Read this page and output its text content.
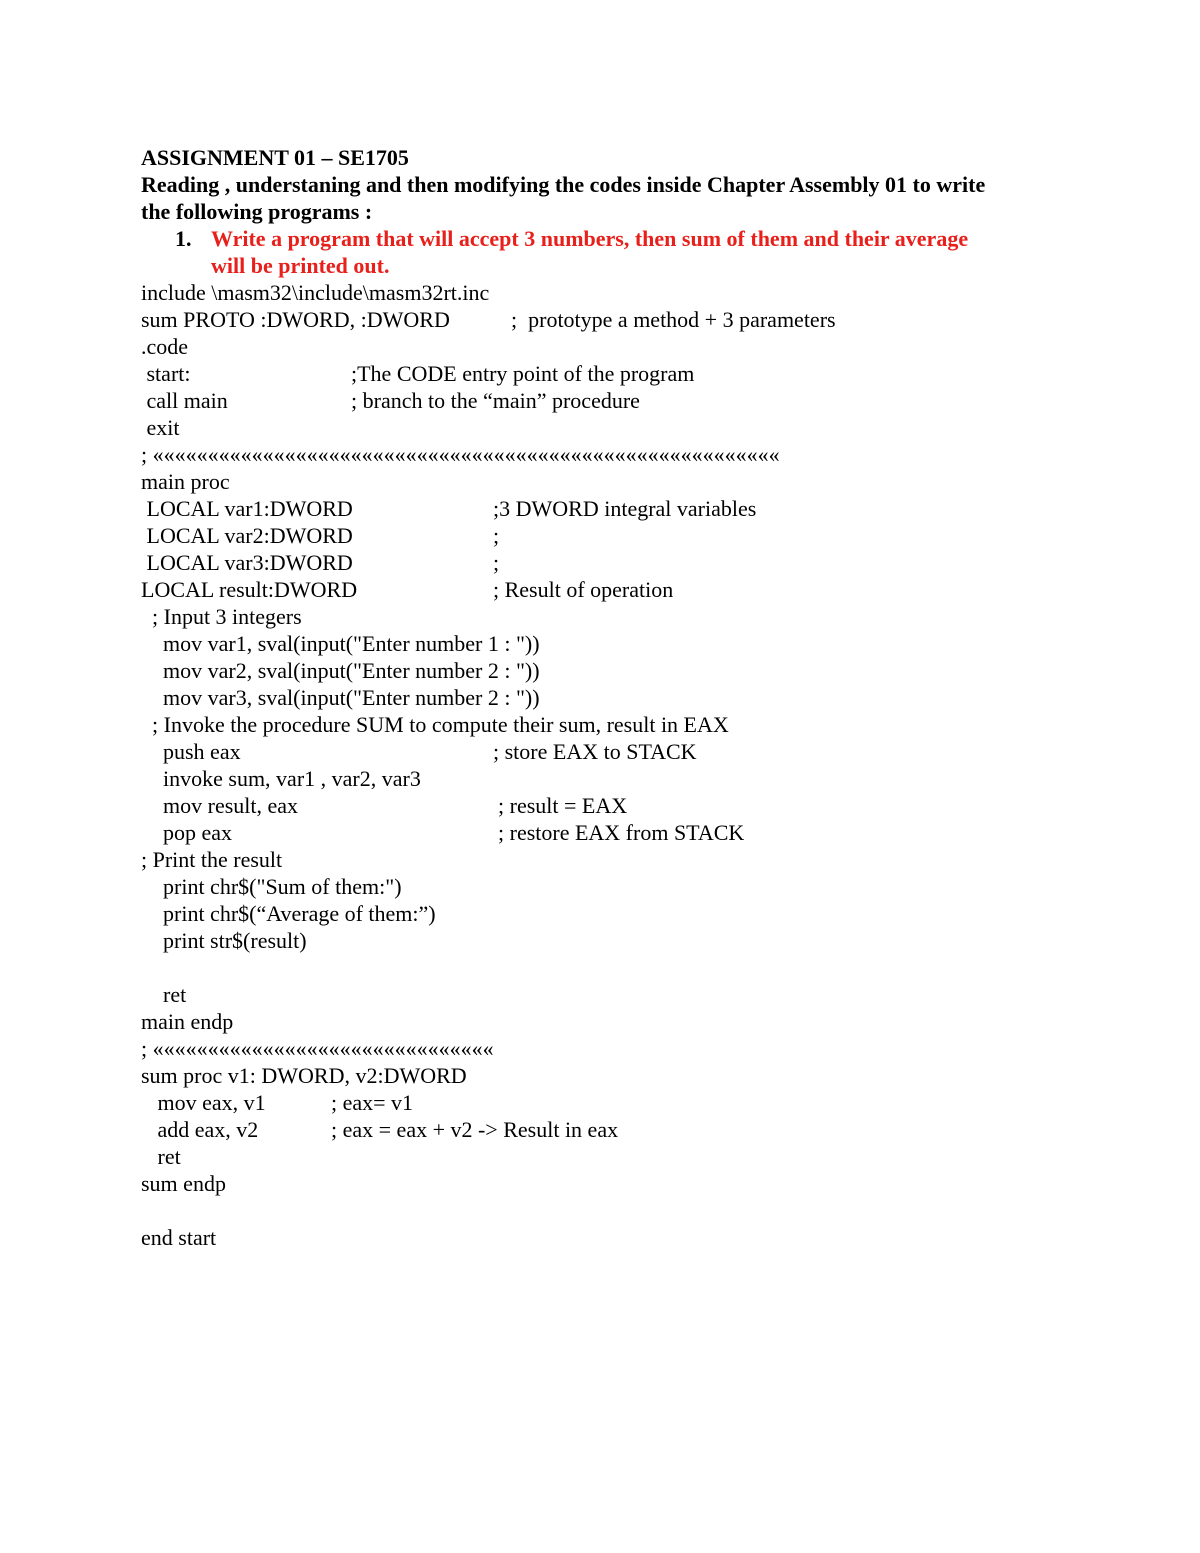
ASSIGNMENT 01 – SE1705
Reading , understaning and then modifying the codes inside Chapter Assembly 01 to write
the following programs :
1. Write a program that will accept 3 numbers, then sum of them and their average
will be printed out.
include \masm32\include\masm32rt.inc
sum PROTO :DWORD, :DWORD	;  prototype a method + 3 parameters
.code
start:	;The CODE entry point of the program
call main	; branch to the “main” procedure
exit
; «««««««««««««««««««««««««««««««««««««««««««««««««««««««««
main proc
LOCAL var1:DWORD	;3 DWORD integral variables
LOCAL var2:DWORD	;
LOCAL var3:DWORD	;
LOCAL result:DWORD	; Result of operation
; Input 3 integers
mov var1, sval(input("Enter number 1 : "))
mov var2, sval(input("Enter number 2 : "))
mov var3, sval(input("Enter number 2 : "))
; Invoke the procedure SUM to compute their sum, result in EAX
push eax	; store EAX to STACK
invoke sum, var1 , var2, var3
mov result, eax	; result = EAX
pop eax	; restore EAX from STACK
; Print the result
print chr$("Sum of them:")
print chr$(“Average of them:”)
print str$(result)
ret
main endp
; «««««««««««««««««««««««««««««««
sum proc v1: DWORD, v2:DWORD
mov eax, v1	; eax= v1
add eax, v2	; eax = eax + v2 -> Result in eax
ret
sum endp
end start
